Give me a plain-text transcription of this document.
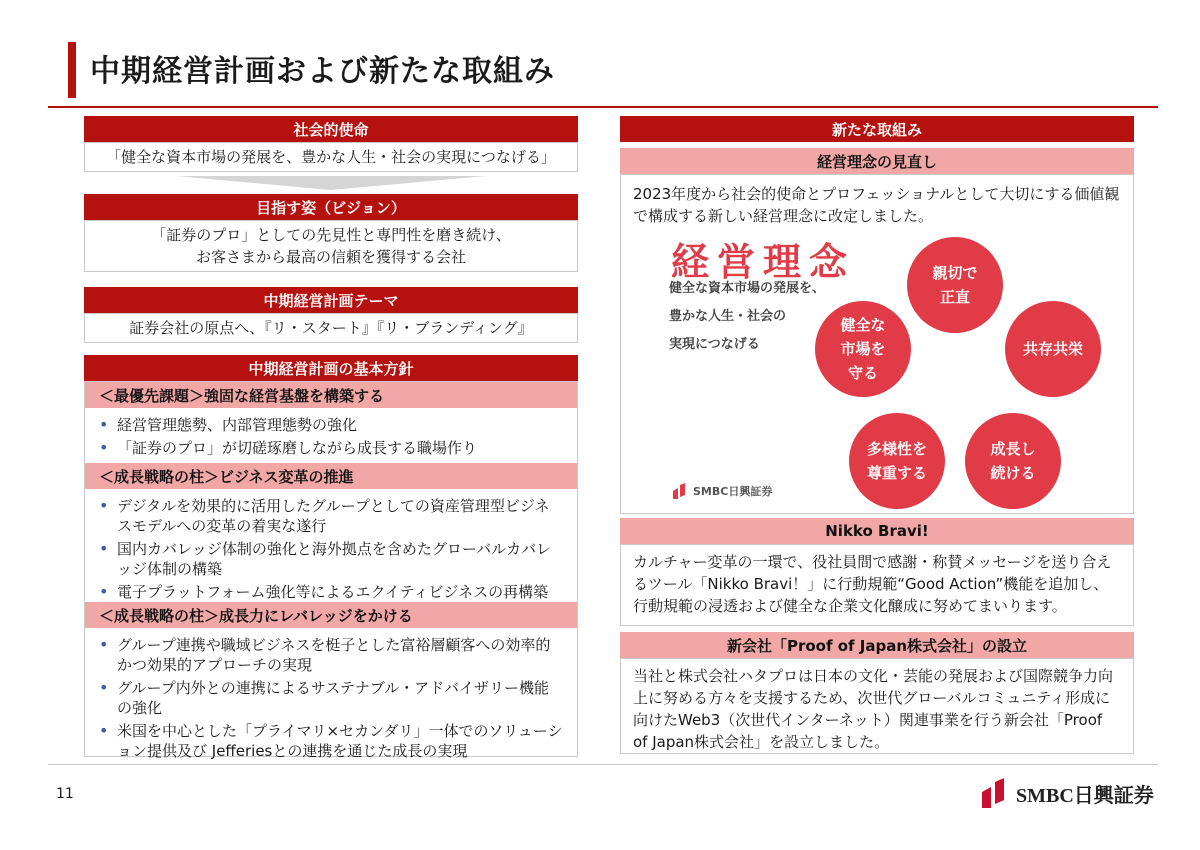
中期経営計画および新たな取組み
社会的使命
「健全な資本市場の発展を、豊かな人生・社会の実現につなげる」
目指す姿（ビジョン）
「証券のプロ」としての先見性と専門性を磨き続け、
お客さまから最高の信頼を獲得する会社
中期経営計画テーマ
証券会社の原点へ、『リ・スタート』『リ・ブランディング』
中期経営計画の基本方針
＜最優先課題＞強固な経営基盤を構築する
• 経営管理態勢、内部管理態勢の強化
• 「証券のプロ」が切磋琢磨しながら成長する職場作り
＜成長戦略の柱＞ビジネス変革の推進
• デジタルを効果的に活用したグループとしての資産管理型ビジネスモデルへの変革の着実な遂行
• 国内カバレッジ体制の強化と海外拠点を含めたグローバルカバレッジ体制の構築
• 電子プラットフォーム強化等によるエクイティビジネスの再構築
＜成長戦略の柱＞成長力にレバレッジをかける
• グループ連携や職域ビジネスを梃子とした富裕層顧客への効率的かつ効果的アプローチの実現
• グループ内外との連携によるサステナブル・アドバイザリー機能の強化
• 米国を中心とした「プライマリ×セカンダリ」一体でのソリューション提供及び Jefferiesとの連携を通じた成長の実現
新たな取組み
経営理念の見直し
2023年度から社会的使命とプロフェッショナルとして大切にする価値観で構成する新しい経営理念に改定しました。
経営理念
健全な資本市場の発展を、
豊かな人生・社会の
実現につなげる
親切で
正直
共存共栄
成長し
続ける
多様性を
尊重する
健全な
市場を
守る
SMBC日興証券
Nikko Bravi!
カルチャー変革の一環で、役社員間で感謝・称賛メッセージを送り合えるツール「Nikko Bravi！」に行動規範“Good Action”機能を追加し、行動規範の浸透および健全な企業文化醸成に努めてまいります。
新会社「Proof of Japan株式会社」の設立
当社と株式会社ハタプロは日本の文化・芸能の発展および国際競争力向上に努める方々を支援するため、次世代グローバルコミュニティ形成に向けたWeb3（次世代インターネット）関連事業を行う新会社「Proof of Japan株式会社」を設立しました。
11	SMBC日興証券
